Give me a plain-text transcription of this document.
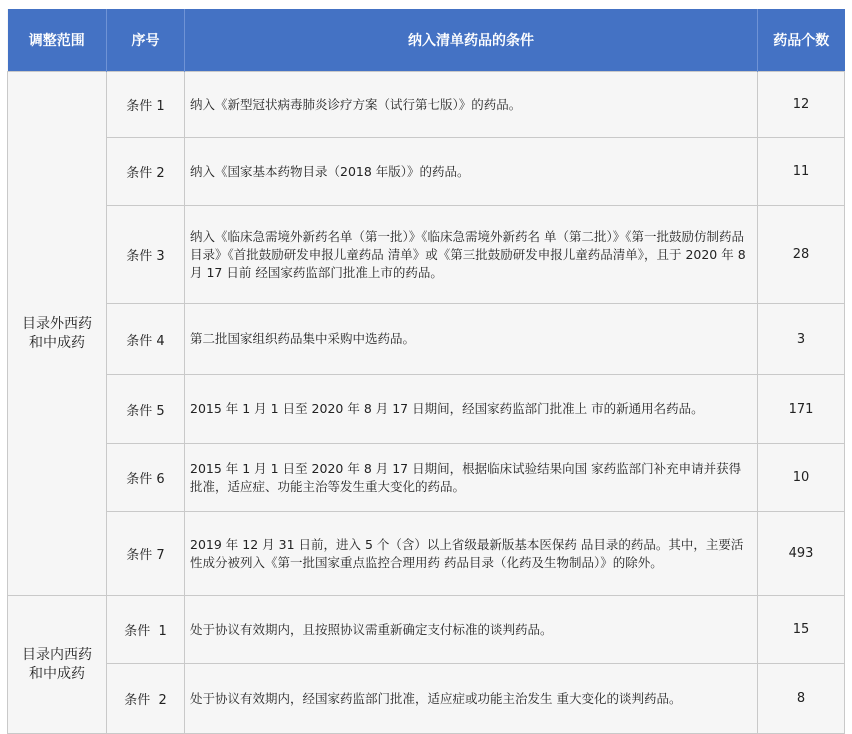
调整范围	序号	纳入清单药品的条件	药品个数
目录外西药
和中成药	条件 1	纳入《新型冠状病毒肺炎诊疗方案（试行第七版）》的药品。	12
	条件 2	纳入《国家基本药物目录（2018 年版）》的药品。	11
	条件 3	纳入《临床急需境外新药名单（第一批）》《临床急需境外新药名 单（第二批）》《第一批鼓励仿制药品目录》《首批鼓励研发申报儿童药品 清单》或《第三批鼓励研发申报儿童药品清单》，且于 2020 年 8 月 17 日前 经国家药监部门批准上市的药品。	28
	条件 4	第二批国家组织药品集中采购中选药品。	3
	条件 5	2015 年 1 月 1 日至 2020 年 8 月 17 日期间，经国家药监部门批准上 市的新通用名药品。	171
	条件 6	2015 年 1 月 1 日至 2020 年 8 月 17 日期间，根据临床试验结果向国 家药监部门补充申请并获得批准，适应症、功能主治等发生重大变化的药品。	10
	条件 7	2019 年 12 月 31 日前，进入 5 个（含）以上省级最新版基本医保药 品目录的药品。其中，主要活性成分被列入《第一批国家重点监控合理用药 药品目录（化药及生物制品）》的除外。	493
目录内西药
和中成药	条件  1	处于协议有效期内，且按照协议需重新确定支付标准的谈判药品。	15
	条件  2	处于协议有效期内，经国家药监部门批准，适应症或功能主治发生 重大变化的谈判药品。	8
